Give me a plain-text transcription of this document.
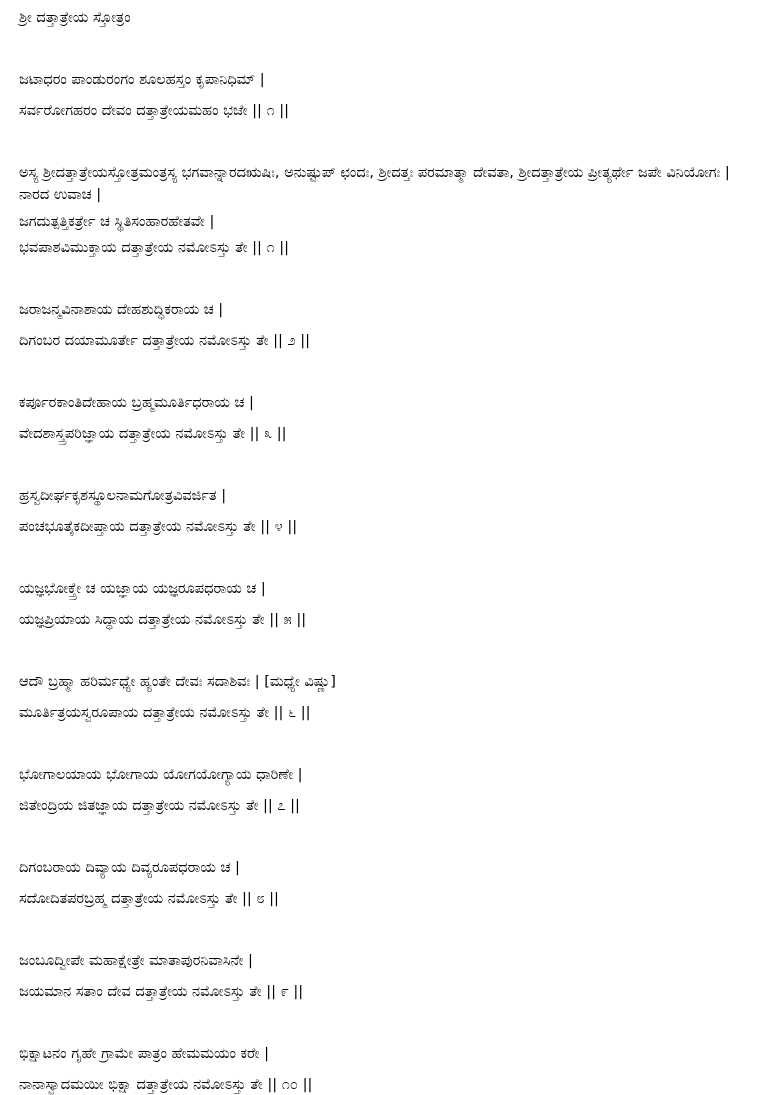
ಶ್ರೀ ದತ್ತಾತ್ರೇಯ ಸ್ತೋತ್ರಂ

ಜಟಾಧರಂ ಪಾಂಡುರಂಗಂ ಶೂಲಹಸ್ತಂ ಕೃಪಾನಿಧಿಮ್ |

ಸರ್ವರೋಗಹರಂ ದೇವಂ ದತ್ತಾತ್ರೇಯಮಹಂ ಭಜೇ || ೧ ||

ಅಸ್ಯ ಶ್ರೀದತ್ತಾತ್ರೇಯಸ್ತೋತ್ರಮಂತ್ರಸ್ಯ ಭಗವಾನ್ನಾರದಋಷಿಃ, ಅನುಷ್ಟುಪ್ ಛಂದಃ, ಶ್ರೀದತ್ತಃ ಪರಮಾತ್ಮಾ ದೇವತಾ, ಶ್ರೀದತ್ತಾತ್ರೇಯ ಪ್ರೀತ್ಯರ್ಥೇ ಜಪೇ ವಿನಿಯೋಗಃ |

ನಾರದ ಉವಾಚ |

ಜಗದುತ್ಪತ್ತಿಕರ್ತ್ರೇ ಚ ಸ್ಥಿತಿಸಂಹಾರಹೇತವೇ |

ಭವಪಾಶವಿಮುಕ್ತಾಯ ದತ್ತಾತ್ರೇಯ ನಮೋಽಸ್ತು ತೇ || ೧ ||

ಜರಾಜನ್ಮವಿನಾಶಾಯ ದೇಹಶುದ್ಧಿಕರಾಯ ಚ |

ದಿಗಂಬರ ದಯಾಮೂರ್ತೇ ದತ್ತಾತ್ರೇಯ ನಮೋಽಸ್ತು ತೇ || ೨ ||

ಕರ್ಪೂರಕಾಂತಿದೇಹಾಯ ಬ್ರಹ್ಮಮೂರ್ತಿಧರಾಯ ಚ |

ವೇದಶಾಸ್ತ್ರಪರಿಜ್ಞಾಯ ದತ್ತಾತ್ರೇಯ ನಮೋಽಸ್ತು ತೇ || ೩ ||

ಹ್ರಸ್ವದೀರ್ಘಕೃಶಸ್ಥೂಲನಾಮಗೋತ್ರವಿವರ್ಜಿತ |

ಪಂಚಭೂತೈಕದೀಪ್ತಾಯ ದತ್ತಾತ್ರೇಯ ನಮೋಽಸ್ತು ತೇ || ೪ ||

ಯಜ್ಞಭೋಕ್ತ್ರೇ ಚ ಯಜ್ಞಾಯ ಯಜ್ಞರೂಪಧರಾಯ ಚ |

ಯಜ್ಞಪ್ರಿಯಾಯ ಸಿದ್ಧಾಯ ದತ್ತಾತ್ರೇಯ ನಮೋಽಸ್ತು ತೇ || ೫ ||

ಆದೌ ಬ್ರಹ್ಮಾ ಹರಿರ್ಮಧ್ಯೇ ಹ್ಯಂತೇ ದೇವಃ ಸದಾಶಿವಃ | [ಮಧ್ಯೇ ವಿಷ್ಣು]

ಮೂರ್ತಿತ್ರಯಸ್ವರೂಪಾಯ ದತ್ತಾತ್ರೇಯ ನಮೋಽಸ್ತು ತೇ || ೬ ||

ಭೋಗಾಲಯಾಯ ಭೋಗಾಯ ಯೋಗಯೋಗ್ಯಾಯ ಧಾರಿಣೇ |

ಜಿತೇಂದ್ರಿಯ ಜಿತಜ್ಞಾಯ ದತ್ತಾತ್ರೇಯ ನಮೋಽಸ್ತು ತೇ || ೭ ||

ದಿಗಂಬರಾಯ ದಿವ್ಯಾಯ ದಿವ್ಯರೂಪಧರಾಯ ಚ |

ಸದೋದಿತಪರಬ್ರಹ್ಮ ದತ್ತಾತ್ರೇಯ ನಮೋಽಸ್ತು ತೇ || ೮ ||

ಜಂಬೂದ್ವೀಪೇ ಮಹಾಕ್ಷೇತ್ರೇ ಮಾತಾಪುರನಿವಾಸಿನೇ |

ಜಯಮಾನ ಸತಾಂ ದೇವ ದತ್ತಾತ್ರೇಯ ನಮೋಽಸ್ತು ತೇ || ೯ ||

ಭಿಕ್ಷಾಟನಂ ಗೃಹೇ ಗ್ರಾಮೇ ಪಾತ್ರಂ ಹೇಮಮಯಂ ಕರೇ |

ನಾನಾಸ್ವಾದಮಯೀ ಭಿಕ್ಷಾ ದತ್ತಾತ್ರೇಯ ನಮೋಽಸ್ತು ತೇ || ೧೦ ||
